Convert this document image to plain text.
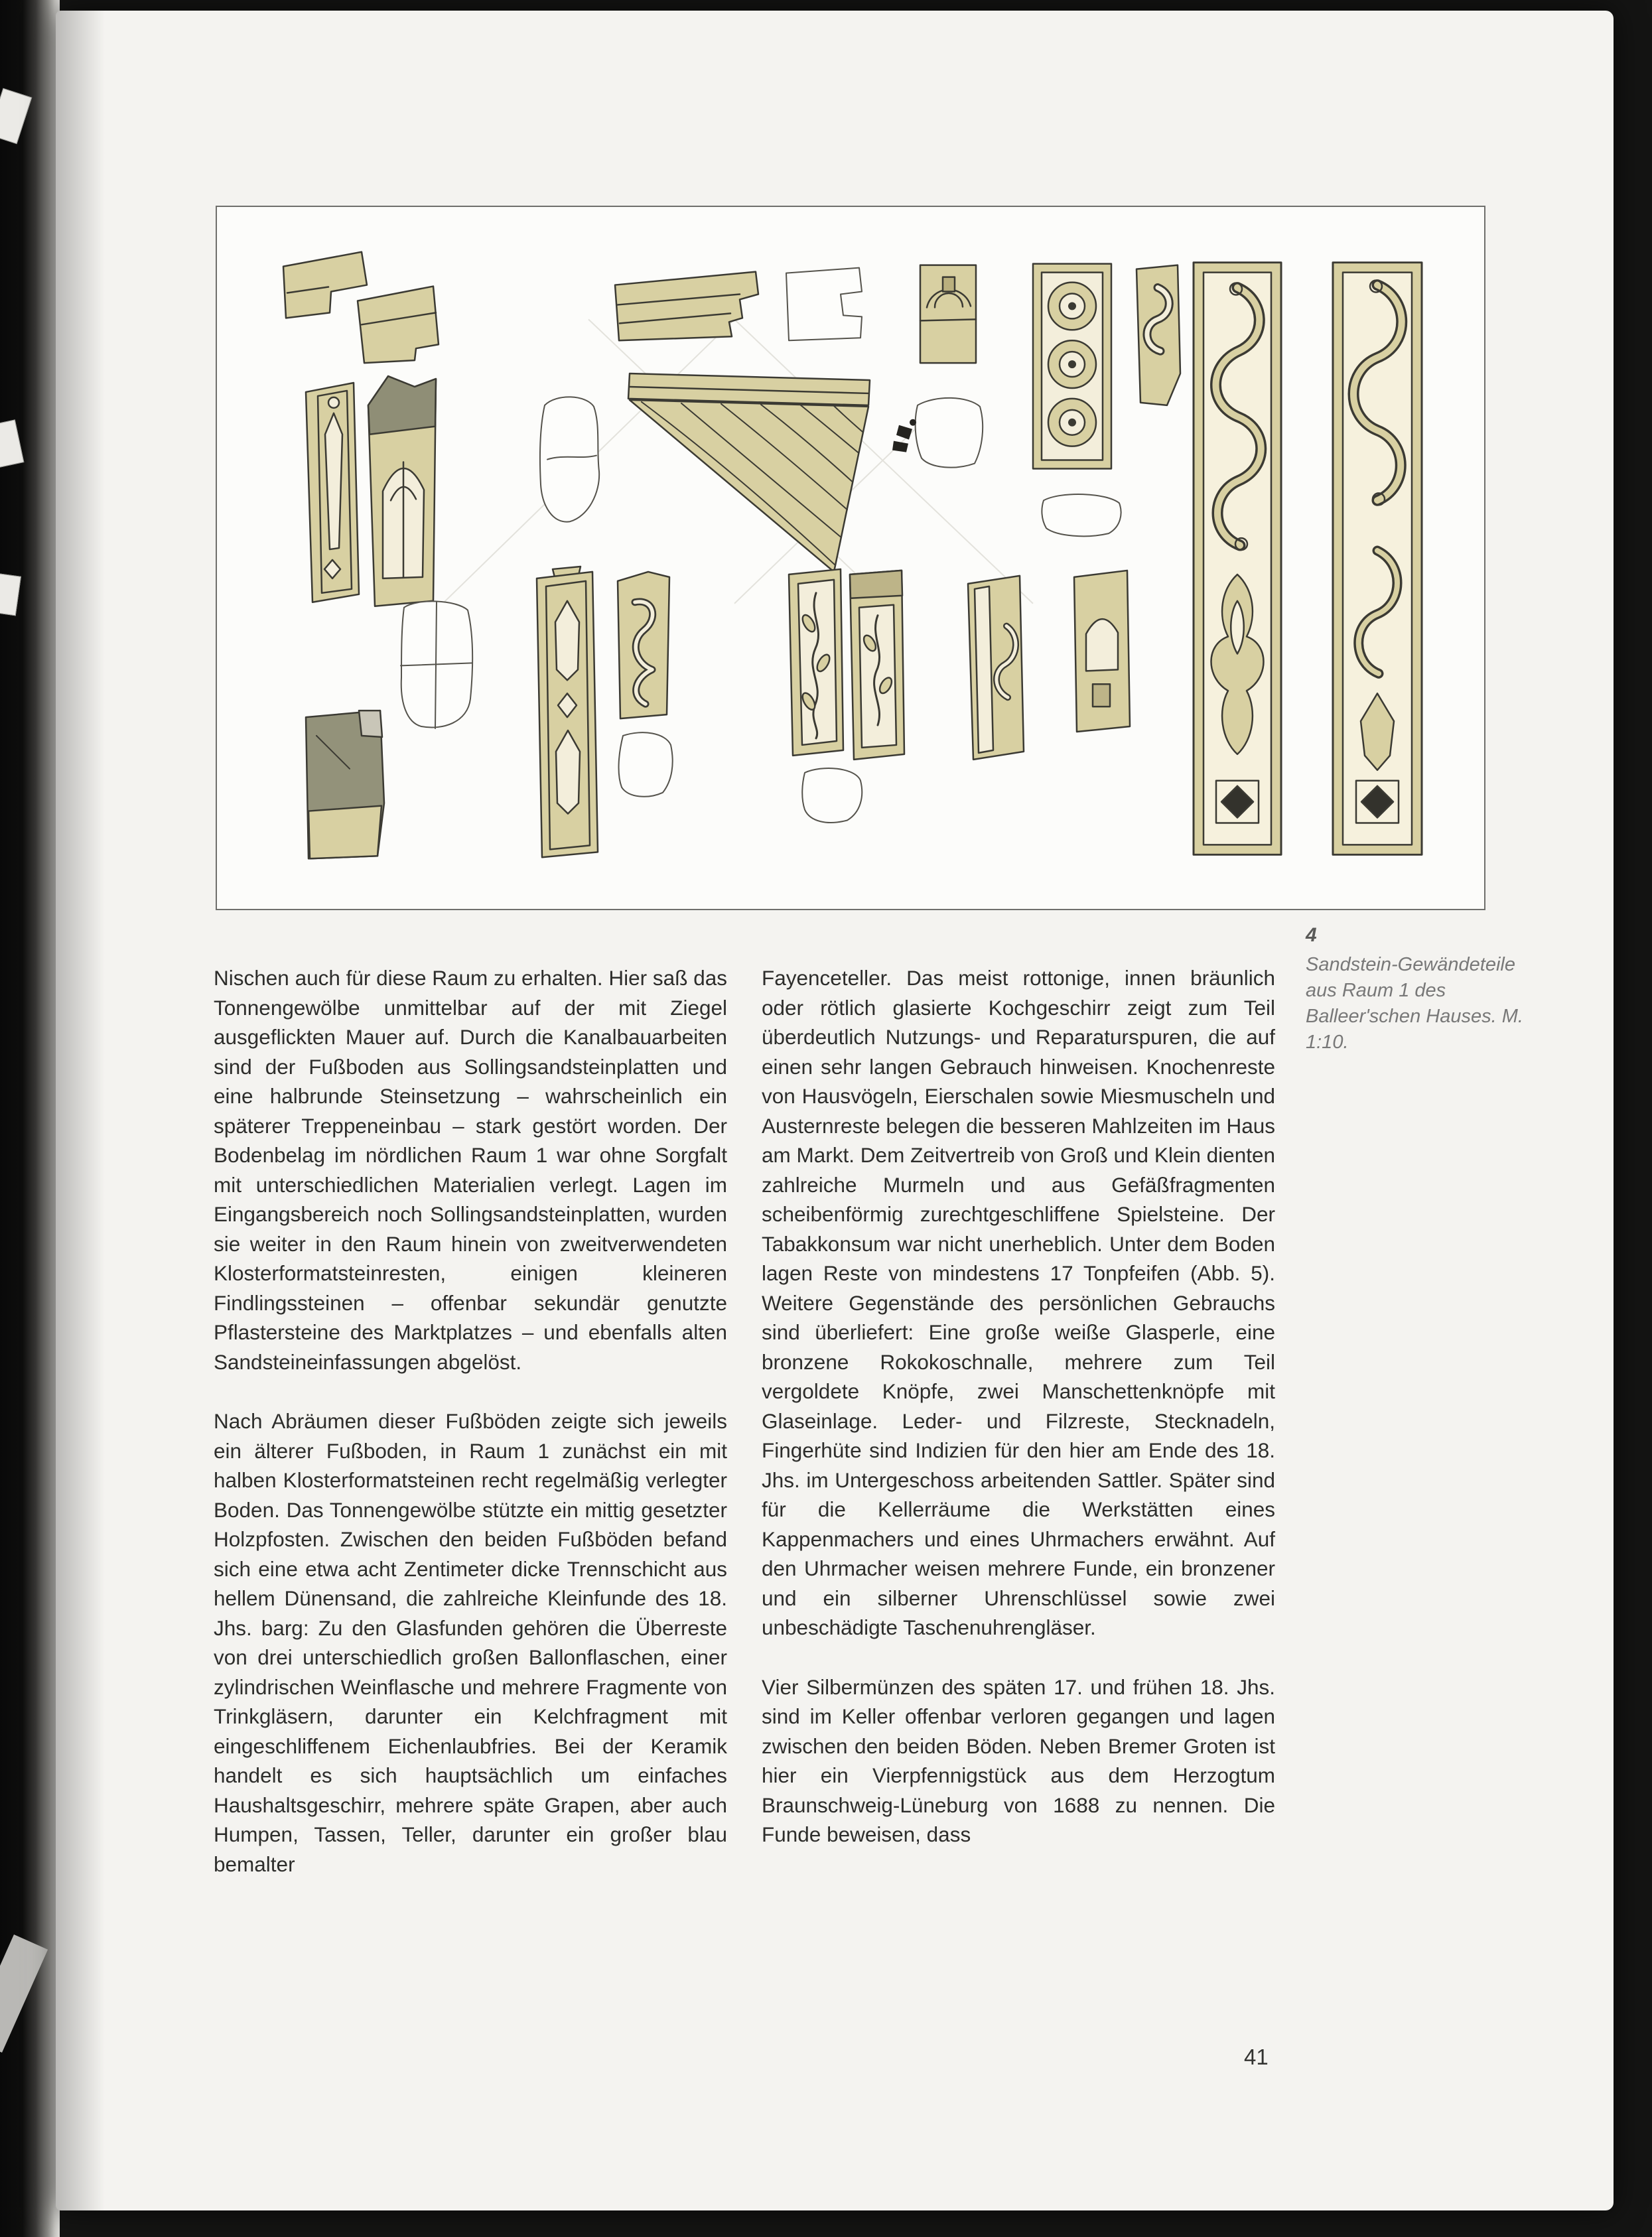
4
Sandstein-Gewändeteile aus Raum 1 des Balleer'schen Hauses. M. 1:10.

Nischen auch für diese Raum zu erhalten. Hier saß das Tonnengewölbe unmittelbar auf der mit Ziegel ausgeflickten Mauer auf. Durch die Kanalbauarbeiten sind der Fußboden aus Sollingsandsteinplatten und eine halbrunde Steinsetzung – wahrscheinlich ein späterer Treppeneinbau – stark gestört worden. Der Bodenbelag im nördlichen Raum 1 war ohne Sorgfalt mit unterschiedlichen Materialien verlegt. Lagen im Eingangsbereich noch Sollingsandsteinplatten, wurden sie weiter in den Raum hinein von zweitverwendeten Klosterformatsteinresten, einigen kleineren Findlingssteinen – offenbar sekundär genutzte Pflastersteine des Marktplatzes – und ebenfalls alten Sandsteineinfassungen abgelöst.

Nach Abräumen dieser Fußböden zeigte sich jeweils ein älterer Fußboden, in Raum 1 zunächst ein mit halben Klosterformatsteinen recht regelmäßig verlegter Boden. Das Tonnengewölbe stützte ein mittig gesetzter Holzpfosten. Zwischen den beiden Fußböden befand sich eine etwa acht Zentimeter dicke Trennschicht aus hellem Dünensand, die zahlreiche Kleinfunde des 18. Jhs. barg: Zu den Glasfunden gehören die Überreste von drei unterschiedlich großen Ballonflaschen, einer zylindrischen Weinflasche und mehrere Fragmente von Trinkgläsern, darunter ein Kelchfragment mit eingeschliffenem Eichenlaubfries. Bei der Keramik handelt es sich hauptsächlich um einfaches Haushaltsgeschirr, mehrere späte Grapen, aber auch Humpen, Tassen, Teller, darunter ein großer blau bemalter

Fayenceteller. Das meist rottonige, innen bräunlich oder rötlich glasierte Kochgeschirr zeigt zum Teil überdeutlich Nutzungs- und Reparaturspuren, die auf einen sehr langen Gebrauch hinweisen. Knochenreste von Hausvögeln, Eierschalen sowie Miesmuscheln und Austernreste belegen die besseren Mahlzeiten im Haus am Markt. Dem Zeitvertreib von Groß und Klein dienten zahlreiche Murmeln und aus Gefäßfragmenten scheibenförmig zurechtgeschliffene Spielsteine. Der Tabakkonsum war nicht unerheblich. Unter dem Boden lagen Reste von mindestens 17 Tonpfeifen (Abb. 5). Weitere Gegenstände des persönlichen Gebrauchs sind überliefert: Eine große weiße Glasperle, eine bronzene Rokokoschnalle, mehrere zum Teil vergoldete Knöpfe, zwei Manschettenknöpfe mit Glaseinlage. Leder- und Filzreste, Stecknadeln, Fingerhüte sind Indizien für den hier am Ende des 18. Jhs. im Untergeschoss arbeitenden Sattler. Später sind für die Kellerräume die Werkstätten eines Kappenmachers und eines Uhrmachers erwähnt. Auf den Uhrmacher weisen mehrere Funde, ein bronzener und ein silberner Uhrenschlüssel sowie zwei unbeschädigte Taschenuhrengläser.

Vier Silbermünzen des späten 17. und frühen 18. Jhs. sind im Keller offenbar verloren gegangen und lagen zwischen den beiden Böden. Neben Bremer Groten ist hier ein Vierpfennigstück aus dem Herzogtum Braunschweig-Lüneburg von 1688 zu nennen. Die Funde beweisen, dass

41
